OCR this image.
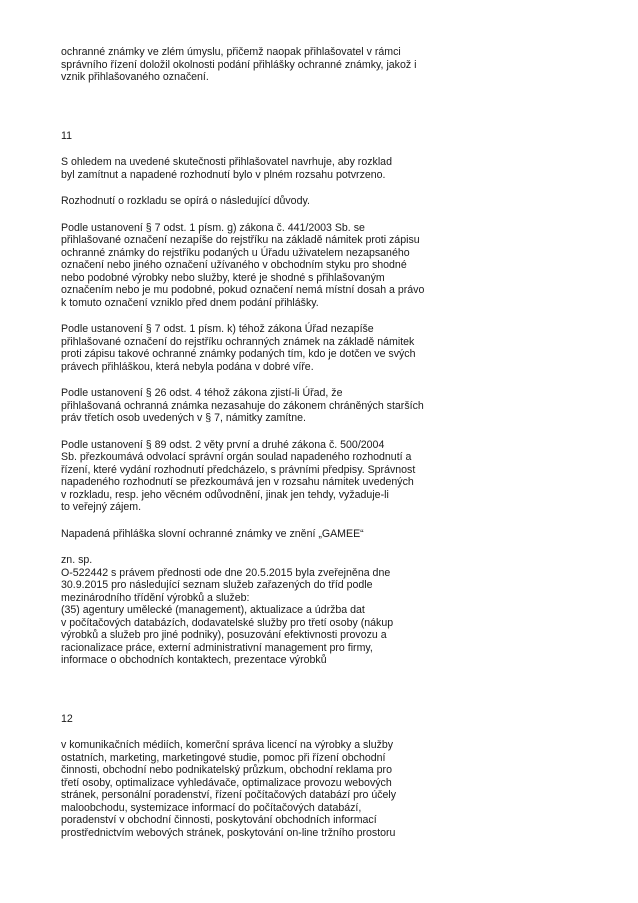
ochranné známky ve zlém úmyslu, přičemž naopak přihlašovatel v rámci
správního řízení doložil okolnosti podání přihlášky ochranné známky, jakož i
vznik přihlašovaného označení.
11
S ohledem na uvedené skutečnosti přihlašovatel navrhuje, aby rozklad
byl zamítnut a napadené rozhodnutí bylo v plném rozsahu potvrzeno.
Rozhodnutí o rozkladu se opírá o následující důvody.
Podle ustanovení § 7 odst. 1 písm. g) zákona č. 441/2003 Sb. se
přihlašované označení nezapíše do rejstříku na základě námitek proti zápisu
ochranné známky do rejstříku podaných u Úřadu uživatelem nezapsaného
označení nebo jiného označení užívaného v obchodním styku pro shodné
nebo podobné výrobky nebo služby, které je shodné s přihlašovaným
označením nebo je mu podobné, pokud označení nemá místní dosah a právo
k tomuto označení vzniklo před dnem podání přihlášky.
Podle ustanovení § 7 odst. 1 písm. k) téhož zákona Úřad nezapíše
přihlašované označení do rejstříku ochranných známek na základě námitek
proti zápisu takové ochranné známky podaných tím, kdo je dotčen ve svých
právech přihláškou, která nebyla podána v dobré víře.
Podle ustanovení § 26 odst. 4 téhož zákona zjistí-li Úřad, že
přihlašovaná ochranná známka nezasahuje do zákonem chráněných starších
práv třetích osob uvedených v § 7, námitky zamítne.
Podle ustanovení § 89 odst. 2 věty první a druhé zákona č. 500/2004
Sb. přezkoumává odvolací správní orgán soulad napadeného rozhodnutí a
řízení, které vydání rozhodnutí předcházelo, s právními předpisy. Správnost
napadeného rozhodnutí se přezkoumává jen v rozsahu námitek uvedených
v rozkladu, resp. jeho věcném odůvodnění, jinak jen tehdy, vyžaduje-li
to veřejný zájem.
Napadená přihláška slovní ochranné známky ve znění „GAMEE“
zn. sp.
O-522442 s právem přednosti ode dne 20.5.2015 byla zveřejněna dne
30.9.2015 pro následující seznam služeb zařazených do tříd podle
mezinárodního třídění výrobků a služeb:
(35) agentury umělecké (management), aktualizace a údržba dat
v počítačových databázích, dodavatelské služby pro třetí osoby (nákup
výrobků a služeb pro jiné podniky), posuzování efektivnosti provozu a
racionalizace práce, externí administrativní management pro firmy,
informace o obchodních kontaktech, prezentace výrobků
12
v komunikačních médiích, komerční správa licencí na výrobky a služby
ostatních, marketing, marketingové studie, pomoc při řízení obchodní
činnosti, obchodní nebo podnikatelský průzkum, obchodní reklama pro
třetí osoby, optimalizace vyhledávače, optimalizace provozu webových
stránek, personální poradenství, řízení počítačových databází pro účely
maloobchodu, systemizace informací do počítačových databází,
poradenství v obchodní činnosti, poskytování obchodních informací
prostřednictvím webových stránek, poskytování on-line tržního prostoru
